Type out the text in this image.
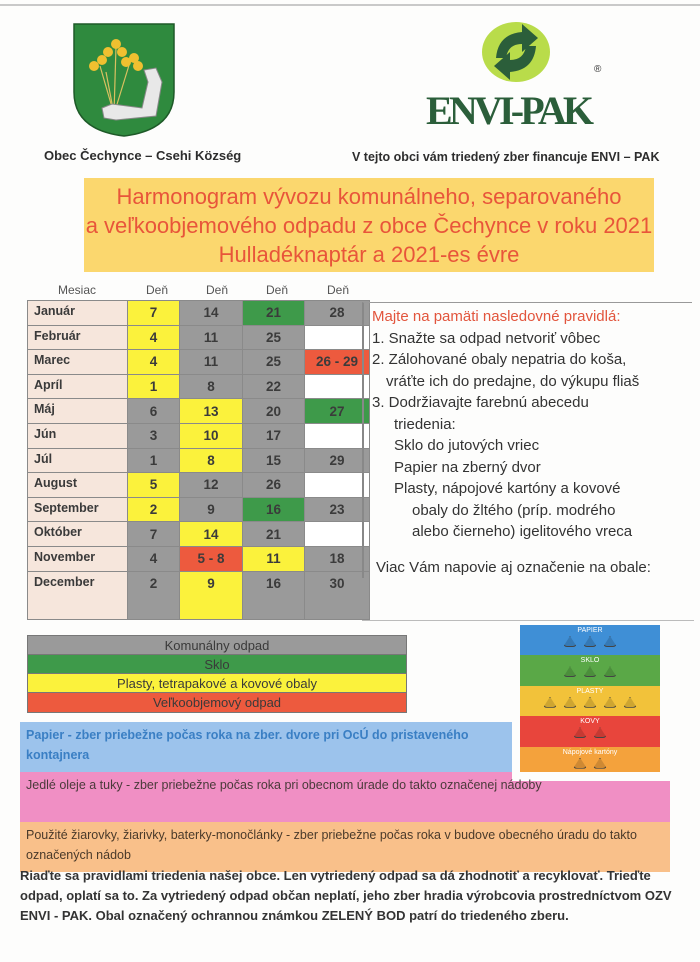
ENVI-PAK
®
Obec Čechynce – Csehi Község	V tejto obci vám triedený zber financuje ENVI – PAK
Harmonogram vývozu komunálneho, separovaného
a veľkoobjemového odpadu z obce Čechynce v roku 2021
Hulladéknaptár a 2021-es évre
Mesiac	Deň	Deň	Deň	Deň
Január	7	14	21	28
Február	4	11	25	
Marec	4	11	25	26 - 29
Apríl	1	8	22	
Máj	6	13	20	27
Jún	3	10	17	
Júl	1	8	15	29
August	5	12	26	
September	2	9	16	23
Október	7	14	21	
November	4	5 - 8	11	18
December	2	9	16	30
Majte na pamäti nasledovné pravidlá:
1. Snažte sa odpad netvoriť vôbec
2. Zálohované obaly nepatria do koša,
vráťte ich do predajne, do výkupu fliaš
3. Dodržiavajte farebnú abecedu
triedenia:
Sklo do jutových vriec
Papier na zberný dvor
Plasty, nápojové kartóny a kovové
obaly do žltého (príp. modrého
alebo čierneho) igelitového vreca
Viac Vám napovie aj označenie na obale:
Komunálny odpad
Sklo
Plasty, tetrapakové a kovové obaly
Veľkoobjemový odpad
PAPIER
SKLO
PLASTY
KOVY
Nápojové kartóny
Papier - zber priebežne počas roka na zber. dvore pri OcÚ do pristaveného kontajnera
Jedlé oleje a tuky - zber priebežne počas roka pri obecnom úrade do takto označenej nádoby
Použité žiarovky, žiarivky, baterky-monočlánky - zber priebežne počas roka v budove obecného úradu do takto označených nádob
Riaďte sa pravidlami triedenia našej obce. Len vytriedený odpad sa dá zhodnotiť a recyklovať. Trieďte odpad, oplatí sa to. Za vytriedený odpad občan neplatí, jeho zber hradia výrobcovia prostredníctvom OZV ENVI - PAK. Obal označený ochrannou známkou ZELENÝ BOD patrí do triedeného zberu.
